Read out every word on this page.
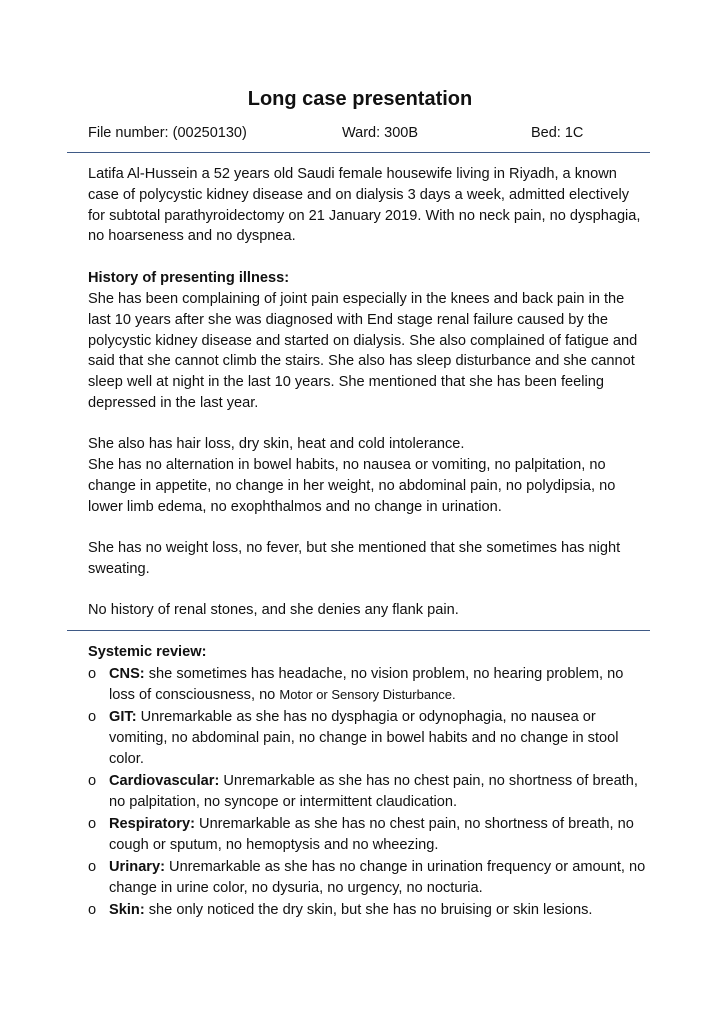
Long case presentation
File number: (00250130)	Ward: 300B	Bed: 1C

Latifa Al-Hussein a 52 years old Saudi female housewife living in Riyadh, a known case of polycystic kidney disease and on dialysis 3 days a week, admitted electively for subtotal parathyroidectomy on 21 January 2019. With no neck pain, no dysphagia, no hoarseness and no dyspnea.

History of presenting illness:

She has been complaining of joint pain especially in the knees and back pain in the last 10 years after she was diagnosed with End stage renal failure caused by the polycystic kidney disease and started on dialysis. She also complained of fatigue and said that she cannot climb the stairs. She also has sleep disturbance and she cannot sleep well at night in the last 10 years. She mentioned that she has been feeling depressed in the last year.

She also has hair loss, dry skin, heat and cold intolerance.

She has no alternation in bowel habits, no nausea or vomiting, no palpitation, no change in appetite, no change in her weight, no abdominal pain, no polydipsia, no lower limb edema, no exophthalmos and no change in urination.

She has no weight loss, no fever, but she mentioned that she sometimes has night sweating.

No history of renal stones, and she denies any flank pain.

Systemic review:

o CNS: she sometimes has headache, no vision problem, no hearing problem, no loss of consciousness, no Motor or Sensory Disturbance.
o GIT: Unremarkable as she has no dysphagia or odynophagia, no nausea or vomiting, no abdominal pain, no change in bowel habits and no change in stool color.
o Cardiovascular: Unremarkable as she has no chest pain, no shortness of breath, no palpitation, no syncope or intermittent claudication.
o Respiratory: Unremarkable as she has no chest pain, no shortness of breath, no cough or sputum, no hemoptysis and no wheezing.
o Urinary: Unremarkable as she has no change in urination frequency or amount, no change in urine color, no dysuria, no urgency, no nocturia.
o Skin: she only noticed the dry skin, but she has no bruising or skin lesions.
